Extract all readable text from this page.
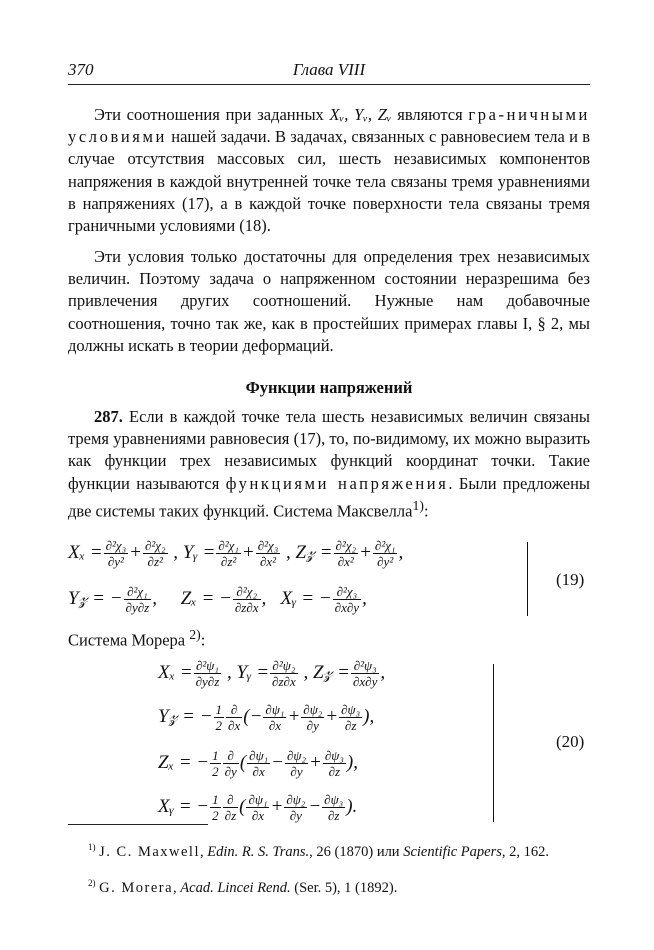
370	Глава VIII

Эти соотношения при заданных Xᵥ, Yᵥ, Zᵥ являются гра-ничными условиями нашей задачи. В задачах, связанных с равновесием тела и в случае отсутствия массовых сил, шесть независимых компонентов напряжения в каждой внутренней точке тела связаны тремя уравнениями в напряжениях (17), а в каждой точке поверхности тела связаны тремя граничными условиями (18).

Эти условия только достаточны для определения трех независимых величин. Поэтому задача о напряженном состоянии неразрешима без привлечения других соотношений. Нужные нам добавочные соотношения, точно так же, как в простейших примерах главы I, § 2, мы должны искать в теории деформаций.

Функции напряжений

287. Если в каждой точке тела шесть независимых величин связаны тремя уравнениями равновесия (17), то, по-видимому, их можно выразить как функции трех независимых функций координат точки. Такие функции называются функциями напряжения. Были предложены две системы таких функций. Система Максвелла$^{1)}$:

$X_x = \frac{\text{∂²χ₃}}{\text{∂y²}} + \frac{\text{∂²χ₂}}{\text{∂z²}}$ , Yᵧ = $\frac{\text{∂²χ₁}}{\text{∂z²}} + \frac{\text{∂²χ₃}}{\text{∂x²}}$ , Z𝓏 = $\frac{\text{∂²χ₂}}{\text{∂x²}} + \frac{\text{∂²χ₁}}{\text{∂y²}}$ ,
Y𝓏 = − $\frac{\text{∂²χ₁}}{\partial y\partial z}$ ,     Zₓ = − $\frac{\text{∂²χ₂}}{\partial z\partial x}$ ,   Xᵧ = − $\frac{\text{∂²χ₃}}{\partial x\partial y}$ ,
(19)

Система Морера $^{2)}$:

$X_x = \frac{\text{∂²ψ₁}}{\partial y\partial z}$ , Yᵧ = $\frac{\text{∂²ψ₂}}{\partial z\partial x}$ , Z𝓏 = $\frac{\text{∂²ψ₃}}{\partial x\partial y}$ ,
Y𝓏 = − $\frac{1}{2} \frac{\partial}{\partial x}$ (− $\frac{\text{∂ψ₁}}{\partial x} + \frac{\text{∂ψ₂}}{\partial y} + \frac{\text{∂ψ₃}}{\partial z}$ ),
Zₓ = − $\frac{1}{2} \frac{\partial}{\partial y}$ ( $\frac{\text{∂ψ₁}}{\partial x} - \frac{\text{∂ψ₂}}{\partial y} + \frac{\text{∂ψ₃}}{\partial z}$ ),
Xᵧ = − $\frac{1}{2} \frac{\partial}{\partial z}$ ( $\frac{\text{∂ψ₁}}{\partial x} + \frac{\text{∂ψ₂}}{\partial y} - \frac{\text{∂ψ₃}}{\partial z}$ ).
(20)

$^{1)}$ J. C. Maxwell, Edin. R. S. Trans., 26 (1870) или Scientific Papers, 2, 162.

$^{2)}$ G. Morera, Acad. Lincei Rend. (Ser. 5), 1 (1892).
